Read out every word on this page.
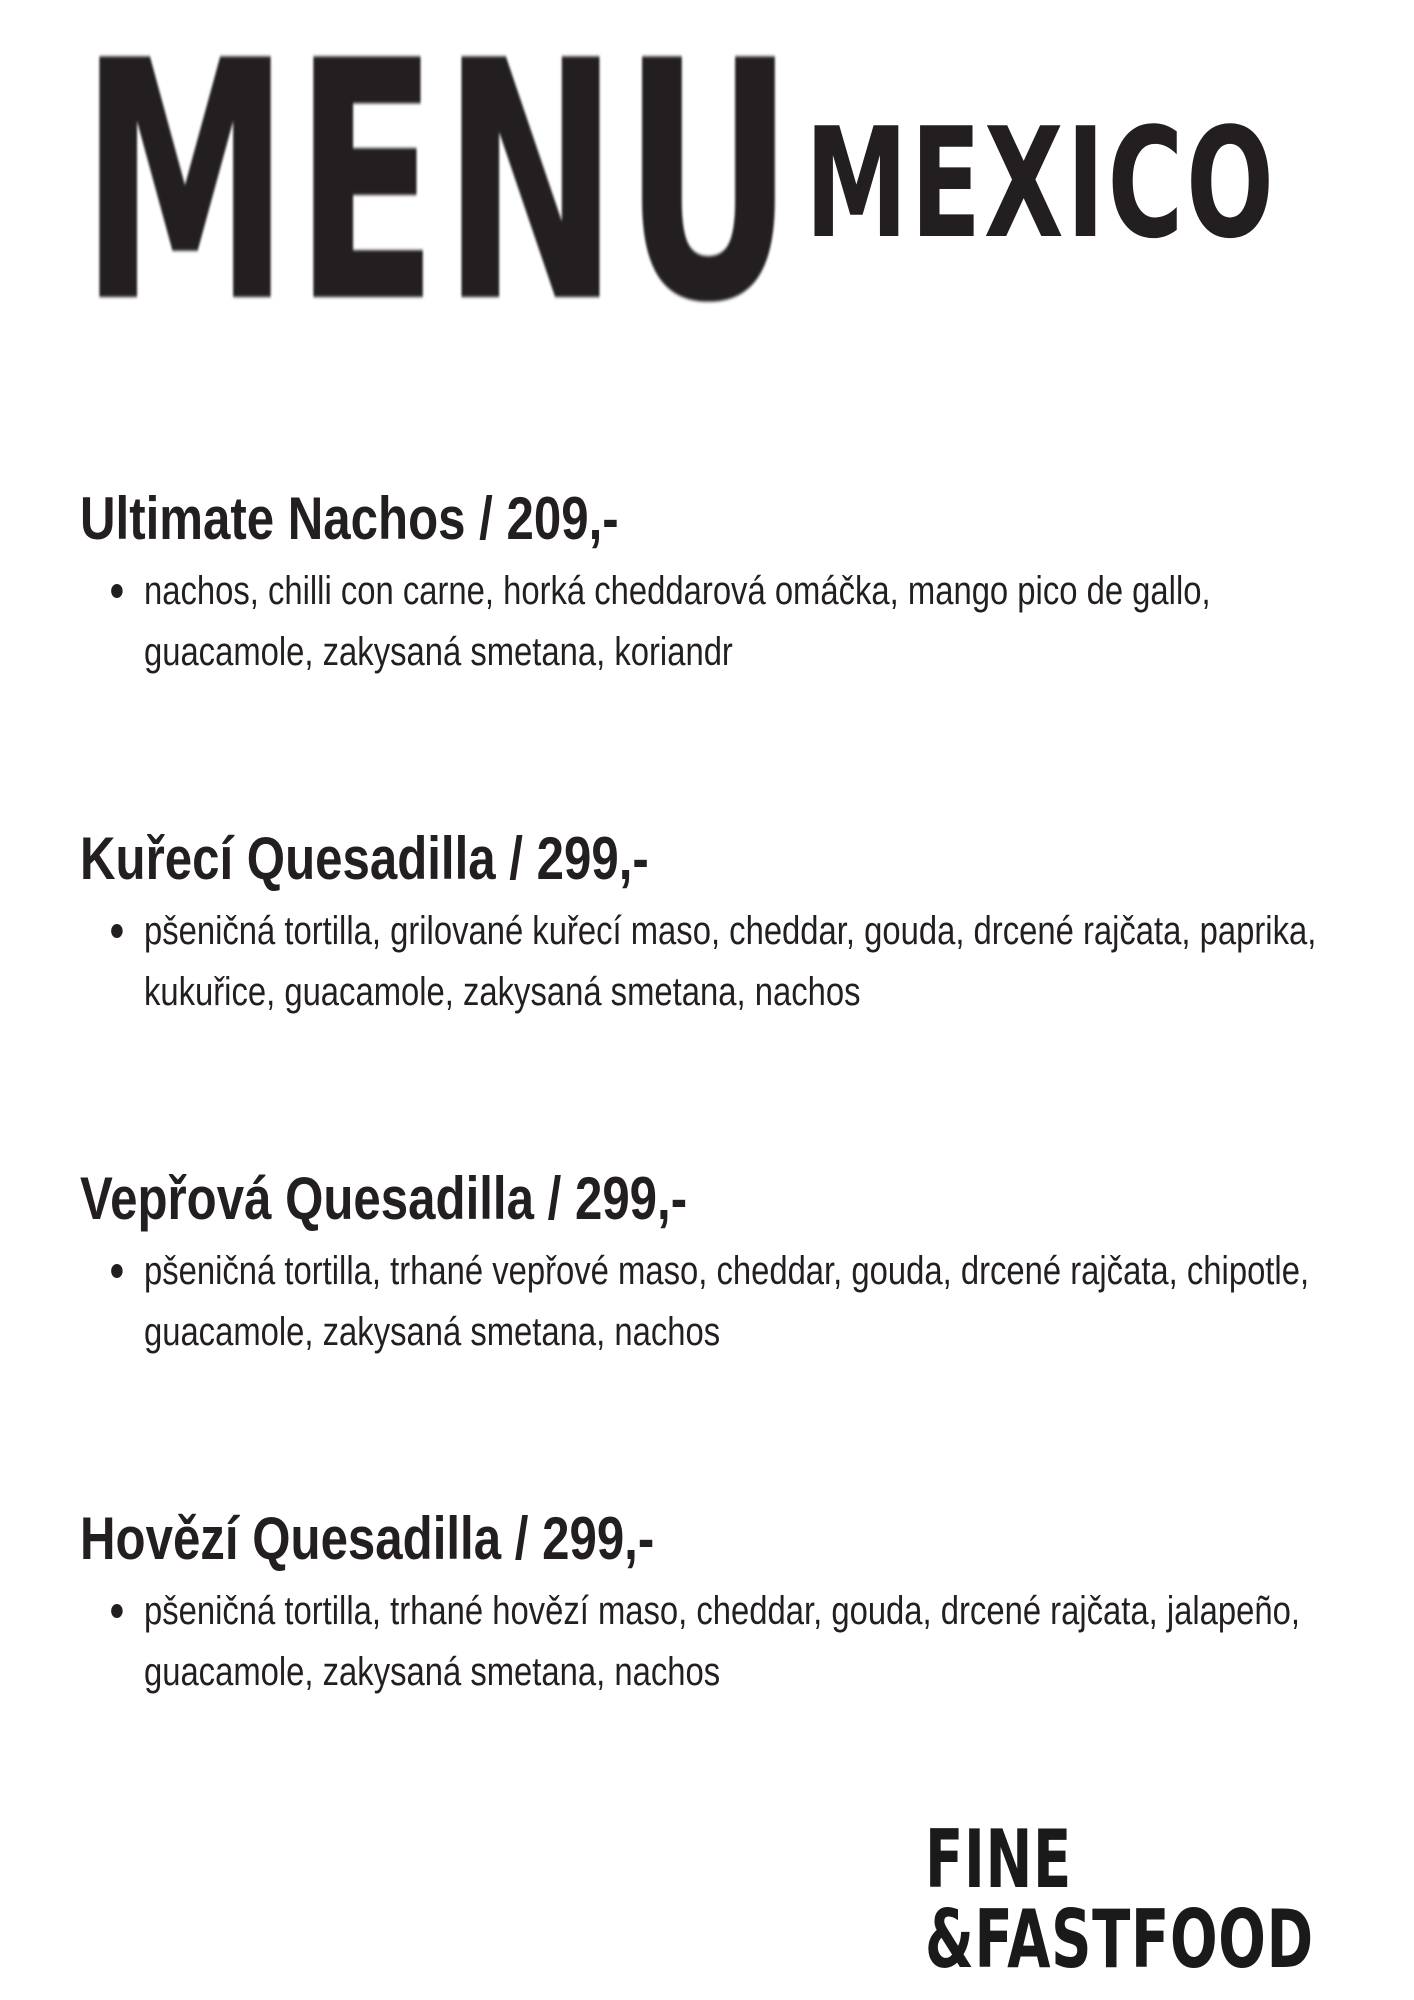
MENU MEXICO
Ultimate Nachos / 209,-
nachos, chilli con carne, horká cheddarová omáčka, mango pico de gallo, guacamole, zakysaná smetana, koriandr
Kuřecí Quesadilla / 299,-
pšeničná tortilla, grilované kuřecí maso, cheddar, gouda, drcené rajčata, paprika, kukuřice, guacamole, zakysaná smetana, nachos
Vepřová Quesadilla / 299,-
pšeničná tortilla, trhané vepřové maso, cheddar, gouda, drcené rajčata, chipotle, guacamole, zakysaná smetana, nachos
Hovězí Quesadilla / 299,-
pšeničná tortilla, trhané hovězí maso, cheddar, gouda, drcené rajčata, jalapeño, guacamole, zakysaná smetana, nachos
FINE
&FASTFOOD
